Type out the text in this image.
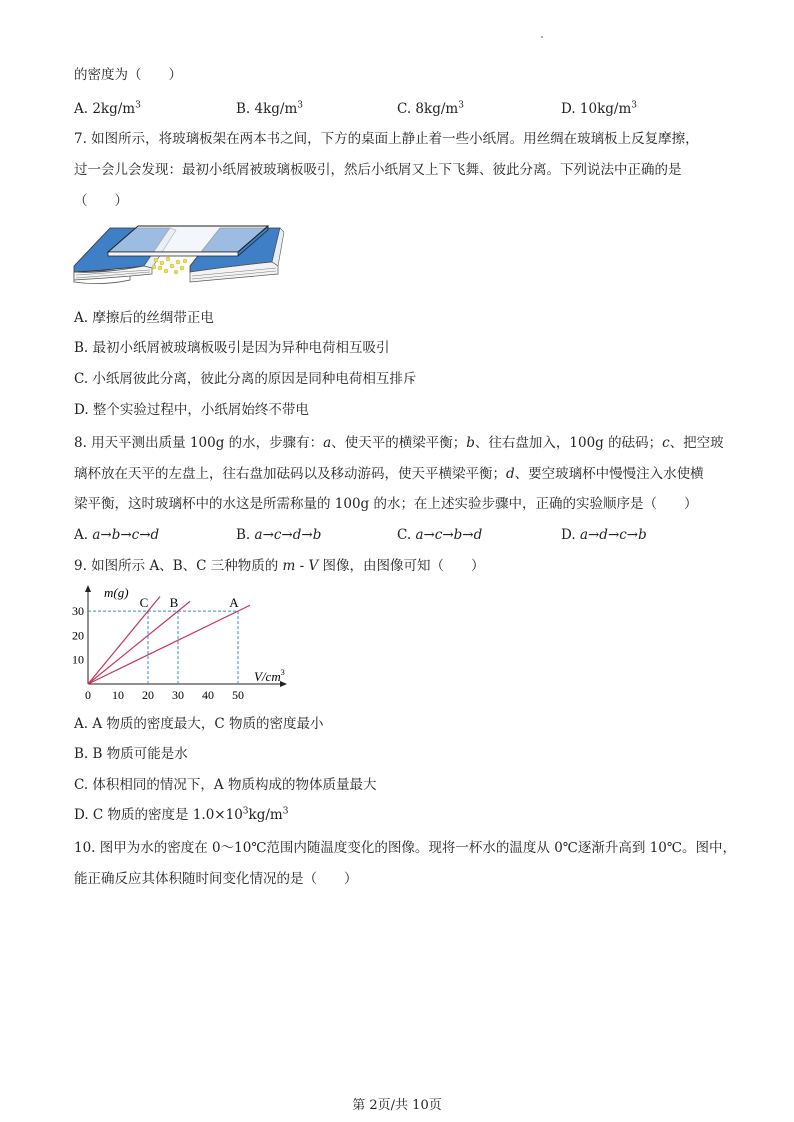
的密度为（　　）
A. $2kg/m^3$	B. $4kg/m^3$	C. $8kg/m^3$	D. $10kg/m^3$
7. 如图所示，将玻璃板架在两本书之间，下方的桌面上静止着一些小纸屑。用丝绸在玻璃板上反复摩擦，
过一会儿会发现：最初小纸屑被玻璃板吸引，然后小纸屑又上下飞舞、彼此分离。下列说法中正确的是
（　　）
A. 摩擦后的丝绸带正电
B. 最初小纸屑被玻璃板吸引是因为异种电荷相互吸引
C. 小纸屑彼此分离，彼此分离的原因是同种电荷相互排斥
D. 整个实验过程中，小纸屑始终不带电
8. 用天平测出质量 100g 的水，步骤有：a、使天平的横梁平衡；b、往右盘加入，100g 的砝码；c、把空玻
璃杯放在天平的左盘上，往右盘加砝码以及移动游码，使天平横梁平衡；d、要空玻璃杯中慢慢注入水使横
梁平衡，这时玻璃杯中的水这是所需称量的 100g 的水；在上述实验步骤中，正确的实验顺序是（　　）
A. a→b→c→d	B. a→c→d→b	C. a→c→b→d	D. a→d→c→b
9. 如图所示 A、B、C 三种物质的 m - V 图像，由图像可知（　　）
m(g)
$V/cm^3$
0 10 20 30 40 50
10
20
30
C B	A
A. A 物质的密度最大，C 物质的密度最小
B. B 物质可能是水
C. 体积相同的情况下，A 物质构成的物体质量最大
D. C 物质的密度是 $1.0\times 10^3kg/m^3$
10. 图甲为水的密度在 0～10℃范围内随温度变化的图像。现将一杯水的温度从 0℃逐渐升高到 10℃。图中，
能正确反应其体积随时间变化情况的是（　　）
第 2页/共 10页
